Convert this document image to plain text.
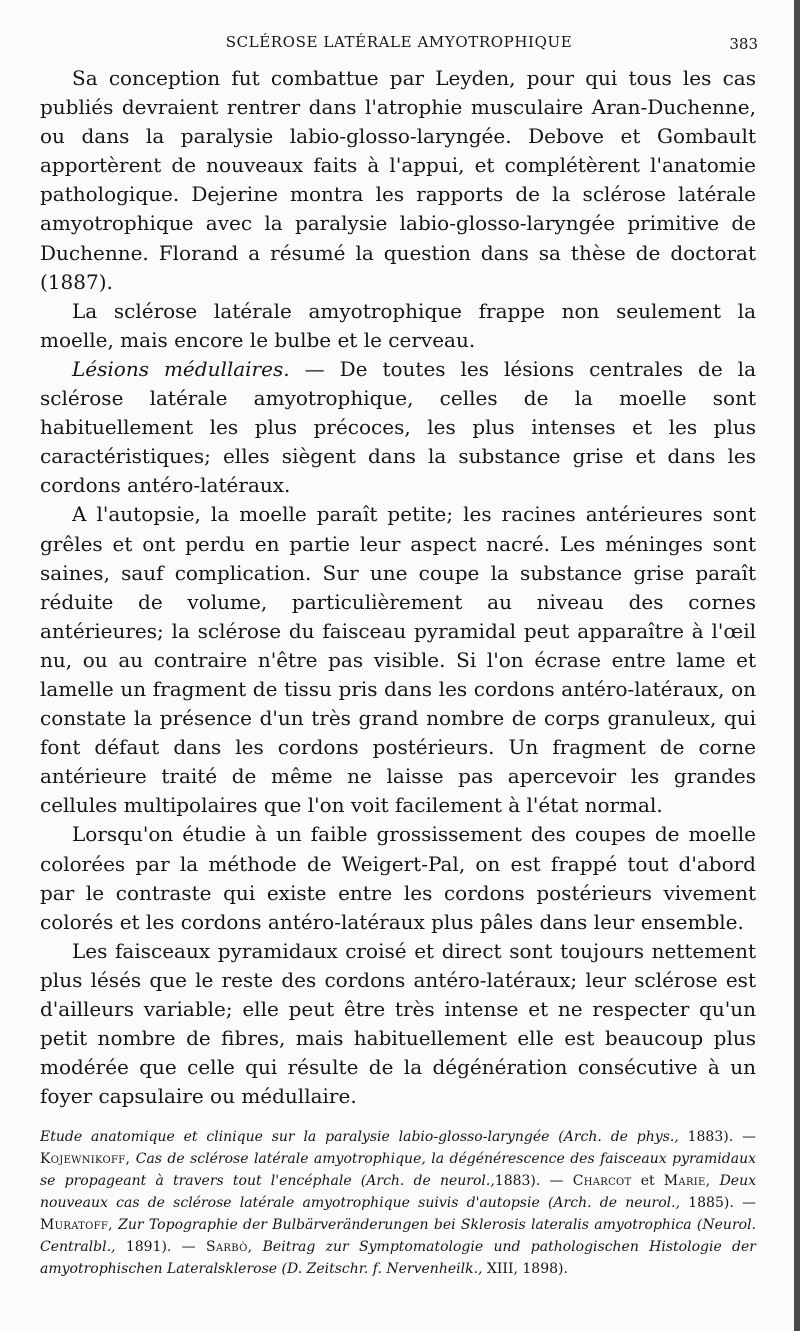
SCLÉROSE LATÉRALE AMYOTROPHIQUE	383

Sa conception fut combattue par Leyden, pour qui tous les cas publiés devraient rentrer dans l'atrophie musculaire Aran-Duchenne, ou dans la paralysie labio-glosso-laryngée. Debove et Gombault apportèrent de nouveaux faits à l'appui, et complétèrent l'anatomie pathologique. Dejerine montra les rapports de la sclérose latérale amyotrophique avec la paralysie labio-glosso-laryngée primitive de Duchenne. Florand a résumé la question dans sa thèse de doctorat (1887).

La sclérose latérale amyotrophique frappe non seulement la moelle, mais encore le bulbe et le cerveau.

Lésions médullaires. — De toutes les lésions centrales de la sclérose latérale amyotrophique, celles de la moelle sont habituellement les plus précoces, les plus intenses et les plus caractéristiques; elles siègent dans la substance grise et dans les cordons antéro-latéraux.

A l'autopsie, la moelle paraît petite; les racines antérieures sont grêles et ont perdu en partie leur aspect nacré. Les méninges sont saines, sauf complication. Sur une coupe la substance grise paraît réduite de volume, particulièrement au niveau des cornes antérieures; la sclérose du faisceau pyramidal peut apparaître à l'œil nu, ou au contraire n'être pas visible. Si l'on écrase entre lame et lamelle un fragment de tissu pris dans les cordons antéro-latéraux, on constate la présence d'un très grand nombre de corps granuleux, qui font défaut dans les cordons postérieurs. Un fragment de corne antérieure traité de même ne laisse pas apercevoir les grandes cellules multipolaires que l'on voit facilement à l'état normal.

Lorsqu'on étudie à un faible grossissement des coupes de moelle colorées par la méthode de Weigert-Pal, on est frappé tout d'abord par le contraste qui existe entre les cordons postérieurs vivement colorés et les cordons antéro-latéraux plus pâles dans leur ensemble.

Les faisceaux pyramidaux croisé et direct sont toujours nettement plus lésés que le reste des cordons antéro-latéraux; leur sclérose est d'ailleurs variable; elle peut être très intense et ne respecter qu'un petit nombre de fibres, mais habituellement elle est beaucoup plus modérée que celle qui résulte de la dégénération consécutive à un foyer capsulaire ou médullaire.

Etude anatomique et clinique sur la paralysie labio-glosso-laryngée (Arch. de phys., 1883). — Kojewnikoff, Cas de sclérose latérale amyotrophique, la dégénérescence des faisceaux pyramidaux se propageant à travers tout l'encéphale (Arch. de neurol.,1883). — Charcot et Marie, Deux nouveaux cas de sclérose latérale amyotrophique suivis d'autopsie (Arch. de neurol., 1885). — Muratoff, Zur Topographie der Bulbärveränderungen bei Sklerosis lateralis amyotrophica (Neurol. Centralbl., 1891). — Sarbò, Beitrag zur Symptomatologie und pathologischen Histologie der amyotrophischen Lateralsklerose (D. Zeitschr. f. Nervenheilk., XIII, 1898).
